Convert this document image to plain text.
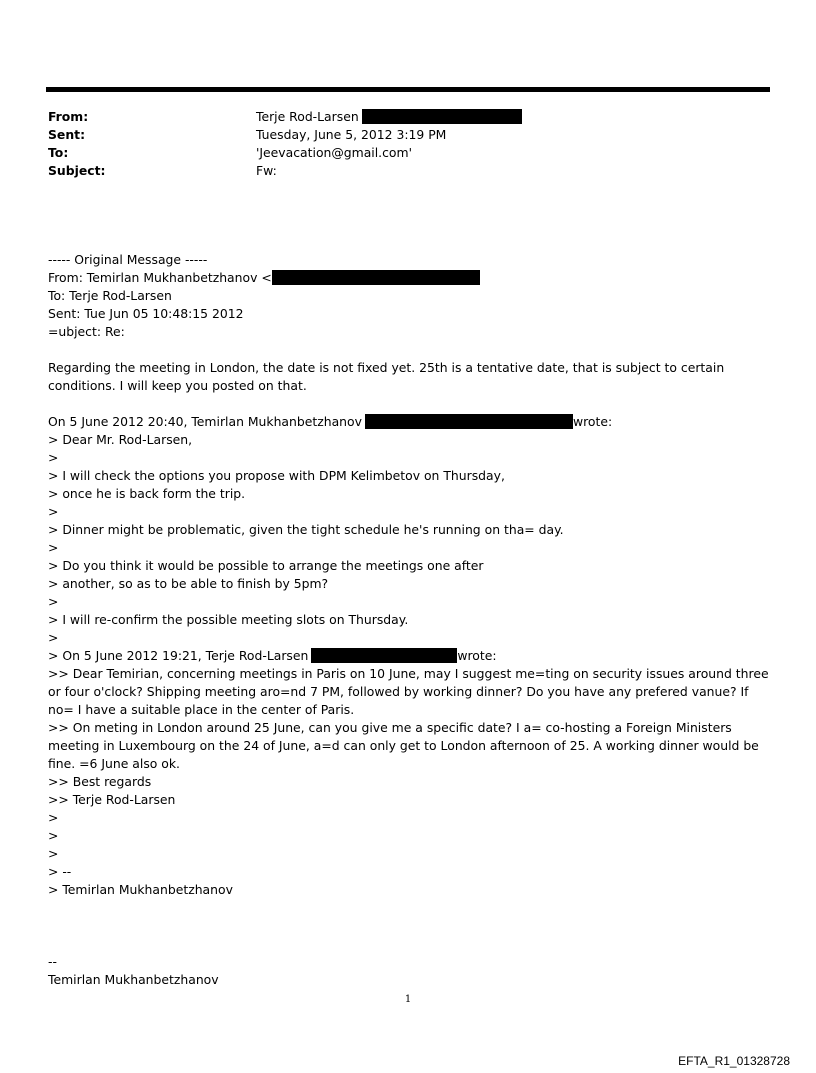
From:	Terje Rod-Larsen
Sent:	Tuesday, June 5, 2012 3:19 PM
To:	'Jeevacation@gmail.com'
Subject:	Fw:
----- Original Message -----
From: Temirlan Mukhanbetzhanov <
To: Terje Rod-Larsen
Sent: Tue Jun 05 10:48:15 2012
=ubject: Re:
Regarding the meeting in London, the date is not fixed yet. 25th is a tentative date, that is subject to certain conditions. I will keep you posted on that.
On 5 June 2012 20:40, Temirlan Mukhanbetzhanov	wrote:
> Dear Mr. Rod-Larsen,
>
> I will check the options you propose with DPM Kelimbetov on Thursday,
> once he is back form the trip.
>
> Dinner might be problematic, given the tight schedule he's running on tha= day.
>
> Do you think it would be possible to arrange the meetings one after
> another, so as to be able to finish by 5pm?
>
> I will re-confirm the possible meeting slots on Thursday.
>
> On 5 June 2012 19:21, Terje Rod-Larsen	wrote:
>> Dear Temirian, concerning meetings in Paris on 10 June, may I suggest me=ting on security issues around three or four o'clock? Shipping meeting aro=nd 7 PM, followed by working dinner? Do you have any prefered vanue? If no= I have a suitable place in the center of Paris.
>> On meting in London around 25 June, can you give me a specific date? I a= co-hosting a Foreign Ministers meeting in Luxembourg on the 24 of June, a=d can only get to London afternoon of 25. A working dinner would be fine. =6 June also ok.
>> Best regards
>> Terje Rod-Larsen
>
>
>
> --
> Temirlan Mukhanbetzhanov
--
Temirlan Mukhanbetzhanov
1
EFTA_R1_01328728
